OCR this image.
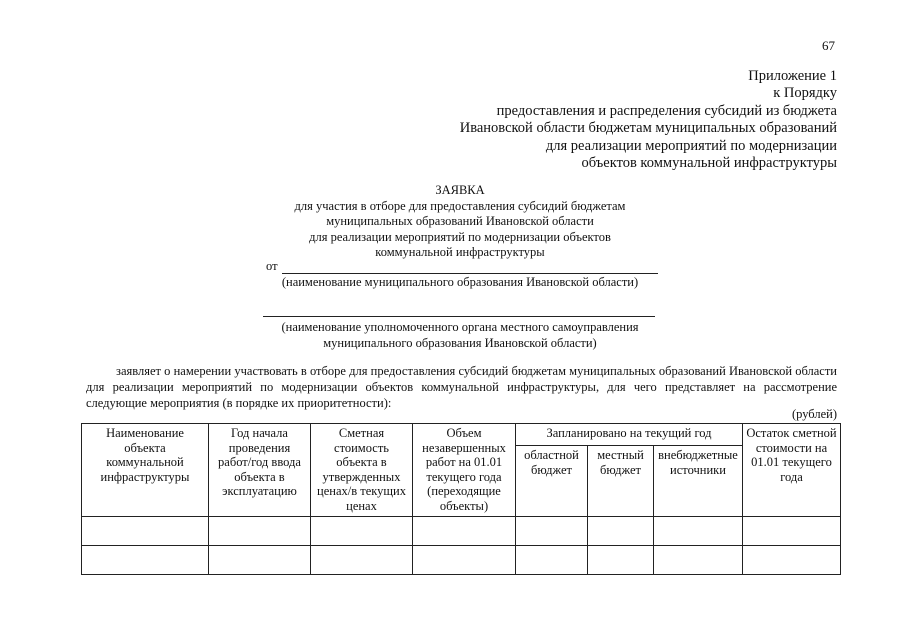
67
Приложение 1
к Порядку
предоставления и распределения субсидий из бюджета
Ивановской области бюджетам муниципальных образований
для реализации мероприятий по модернизации
объектов коммунальной инфраструктуры
ЗАЯВКА
для участия в отборе для предоставления субсидий бюджетам
муниципальных образований Ивановской области
для реализации мероприятий по модернизации объектов
коммунальной инфраструктуры
от
(наименование муниципального образования Ивановской области)
(наименование уполномоченного органа местного самоуправления
муниципального образования Ивановской области)
заявляет о намерении участвовать в отборе для предоставления субсидий бюджетам муниципальных образований Ивановской области для реализации мероприятий по модернизации объектов коммунальной инфраструктуры, для чего представляет на рассмотрение следующие мероприятия (в порядке их приоритетности):
(рублей)
Наименование объекта коммунальной инфраструктуры	Год начала проведения работ/год ввода объекта в эксплуатацию	Сметная стоимость объекта в утвержденных ценах/в текущих ценах	Объем незавершенных работ на 01.01 текущего года (переходящие объекты)	Запланировано на текущий год			Остаток сметной стоимости на 01.01 текущего года
				областной бюджет	местный бюджет	внебюджетные источники	
